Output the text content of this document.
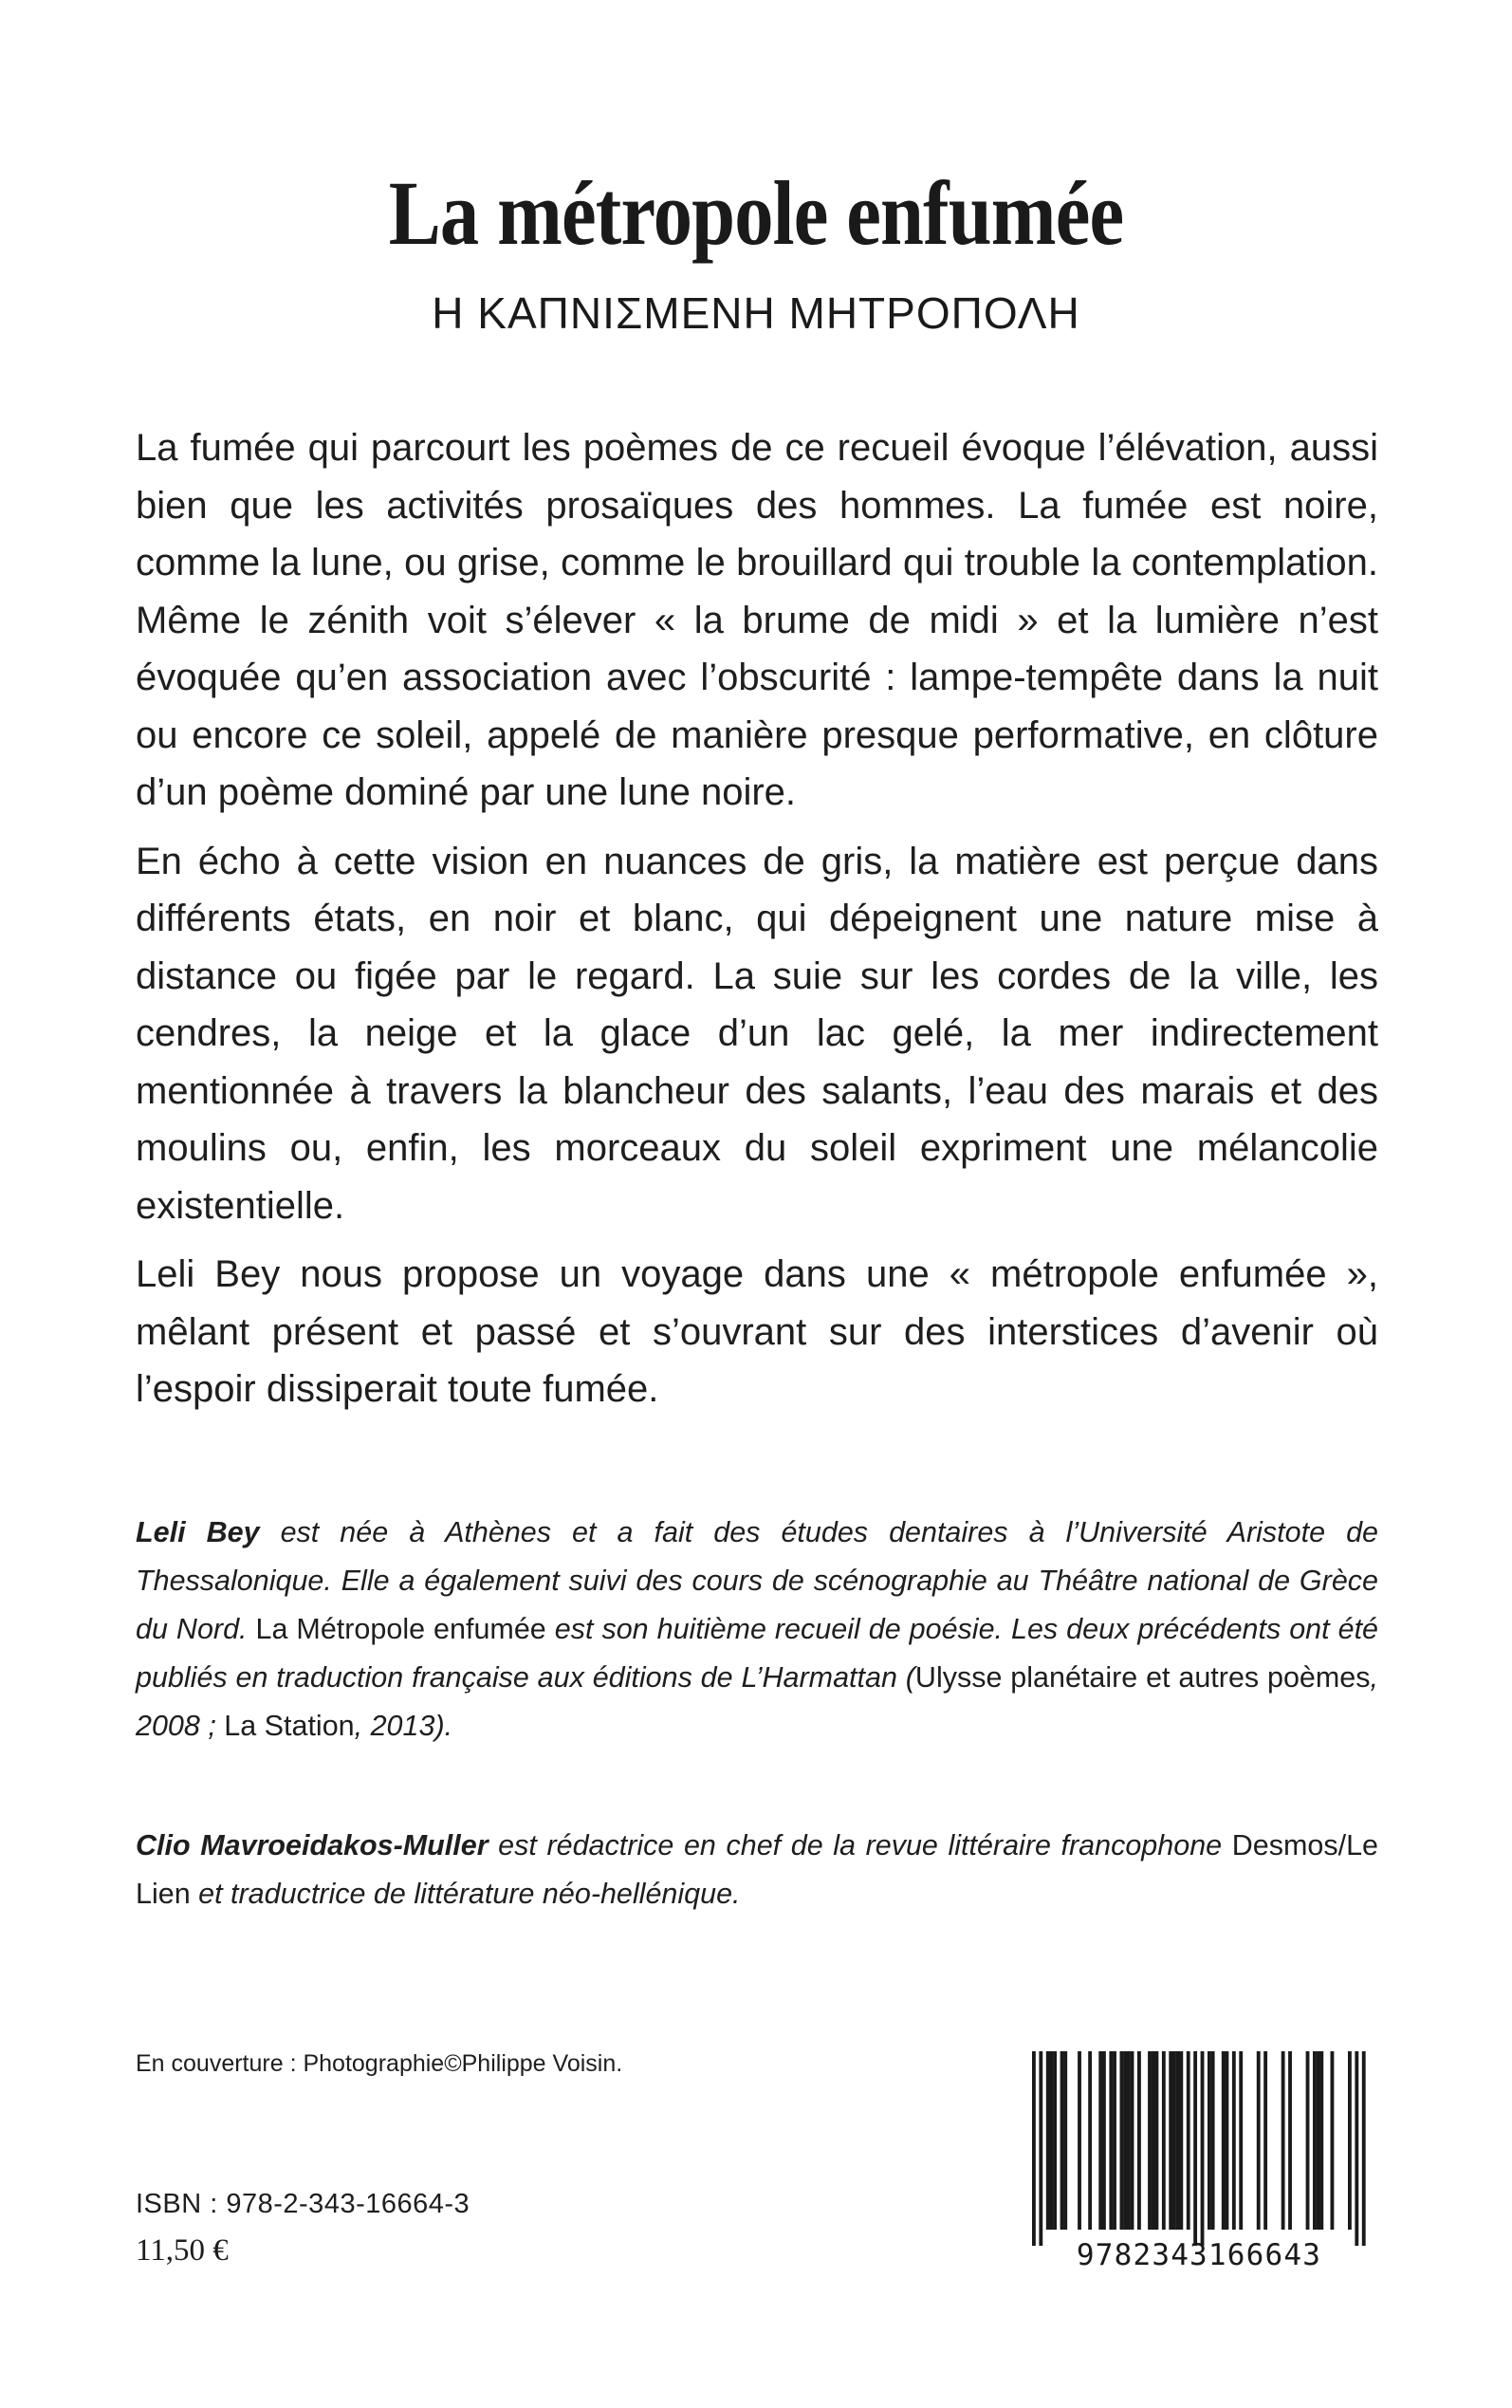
La métropole enfumée
Η ΚΑΠΝΙΣΜΕΝΗ ΜΗΤΡΟΠΟΛΗ

La fumée qui parcourt les poèmes de ce recueil évoque l’élévation, aussi bien que les activités prosaïques des hommes. La fumée est noire, comme la lune, ou grise, comme le brouillard qui trouble la contemplation. Même le zénith voit s’élever « la brume de midi » et la lumière n’est évoquée qu’en association avec l’obscurité : lampe-tempête dans la nuit ou encore ce soleil, appelé de manière presque performative, en clôture d’un poème dominé par une lune noire.

En écho à cette vision en nuances de gris, la matière est perçue dans différents états, en noir et blanc, qui dépeignent une nature mise à distance ou figée par le regard. La suie sur les cordes de la ville, les cendres, la neige et la glace d’un lac gelé, la mer indirectement mentionnée à travers la blancheur des salants, l’eau des marais et des moulins ou, enfin, les morceaux du soleil expriment une mélancolie existentielle.

Leli Bey nous propose un voyage dans une « métropole enfumée », mêlant présent et passé et s’ouvrant sur des interstices d’avenir où l’espoir dissiperait toute fumée.

Leli Bey est née à Athènes et a fait des études dentaires à l’Université Aristote de Thessalonique. Elle a également suivi des cours de scénographie au Théâtre national de Grèce du Nord. La Métropole enfumée est son huitième recueil de poésie. Les deux précédents ont été publiés en traduction française aux éditions de L’Harmattan (Ulysse planétaire et autres poèmes, 2008 ; La Station, 2013).

Clio Mavroeidakos-Muller est rédactrice en chef de la revue littéraire francophone Desmos/Le Lien et traductrice de littérature néo-hellénique.

En couverture : Photographie©Philippe Voisin.
ISBN : 978-2-343-16664-3
11,50 €	9782343166643
